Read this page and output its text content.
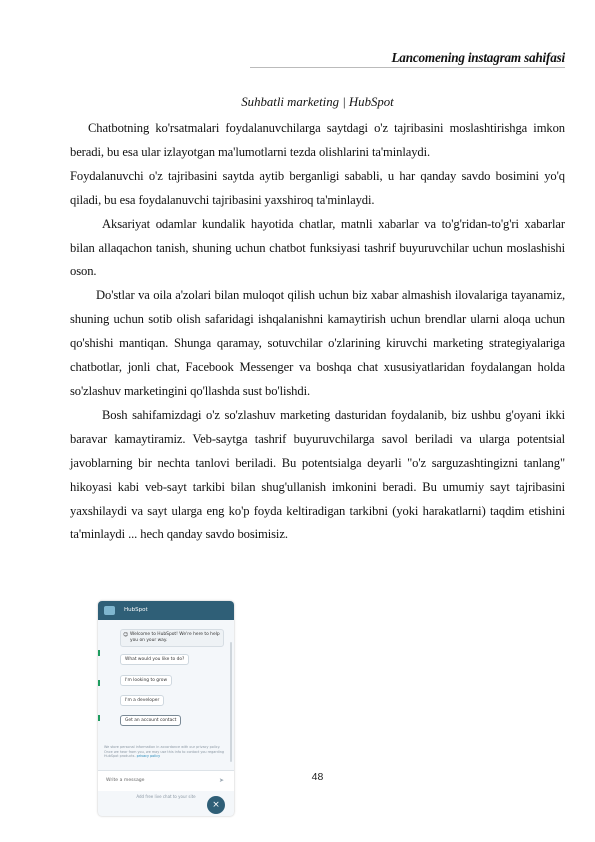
Lancomening instagram sahifasi
Suhbatli marketing | HubSpot

Chatbotning ko'rsatmalari foydalanuvchilarga saytdagi o'z tajribasini moslashtirishga imkon beradi, bu esa ular izlayotgan ma'lumotlarni tezda olishlarini ta'minlaydi.

Foydalanuvchi o'z tajribasini saytda aytib berganligi sababli, u har qanday savdo bosimini yo'q qiladi, bu esa foydalanuvchi tajribasini yaxshiroq ta'minlaydi.

Aksariyat odamlar kundalik hayotida chatlar, matnli xabarlar va to'g'ridan-to'g'ri xabarlar bilan allaqachon tanish, shuning uchun chatbot funksiyasi tashrif buyuruvchilar uchun moslashishi oson.

Do'stlar va oila a'zolari bilan muloqot qilish uchun biz xabar almashish ilovalariga tayanamiz, shuning uchun sotib olish safaridagi ishqalanishni kamaytirish uchun brendlar ularni aloqa uchun qo'shishi mantiqan. Shunga qaramay, sotuvchilar o'zlarining kiruvchi marketing strategiyalariga chatbotlar, jonli chat, Facebook Messenger va boshqa chat xususiyatlaridan foydalangan holda so'zlashuv marketingini qo'llashda sust bo'lishdi.

Bosh sahifamizdagi o'z so'zlashuv marketing dasturidan foydalanib, biz ushbu g'oyani ikki baravar kamaytiramiz. Veb-saytga tashrif buyuruvchilarga savol beriladi va ularga potentsial javoblarning bir nechta tanlovi beriladi. Bu potentsialga deyarli "o'z sarguzashtingizni tanlang" hikoyasi kabi veb-sayt tarkibi bilan shug'ullanish imkonini beradi. Bu umumiy sayt tajribasini yaxshilaydi va sayt ularga eng ko'p foyda keltiradigan tarkibni (yoki harakatlarni) taqdim etishini ta'minlaydi ... hech qanday savdo bosimisiz.

HubSpot
☺ Welcome to HubSpot! We're here to help you on your way.
What would you like to do?
I'm looking to grow
I'm a developer
Get an account contact
We store personal information in accordance with our privacy policy. Once we hear from you, we may use this info to contact you regarding HubSpot products. privacy policy
Write a message	➤
Add free live chat to your site
×
48
